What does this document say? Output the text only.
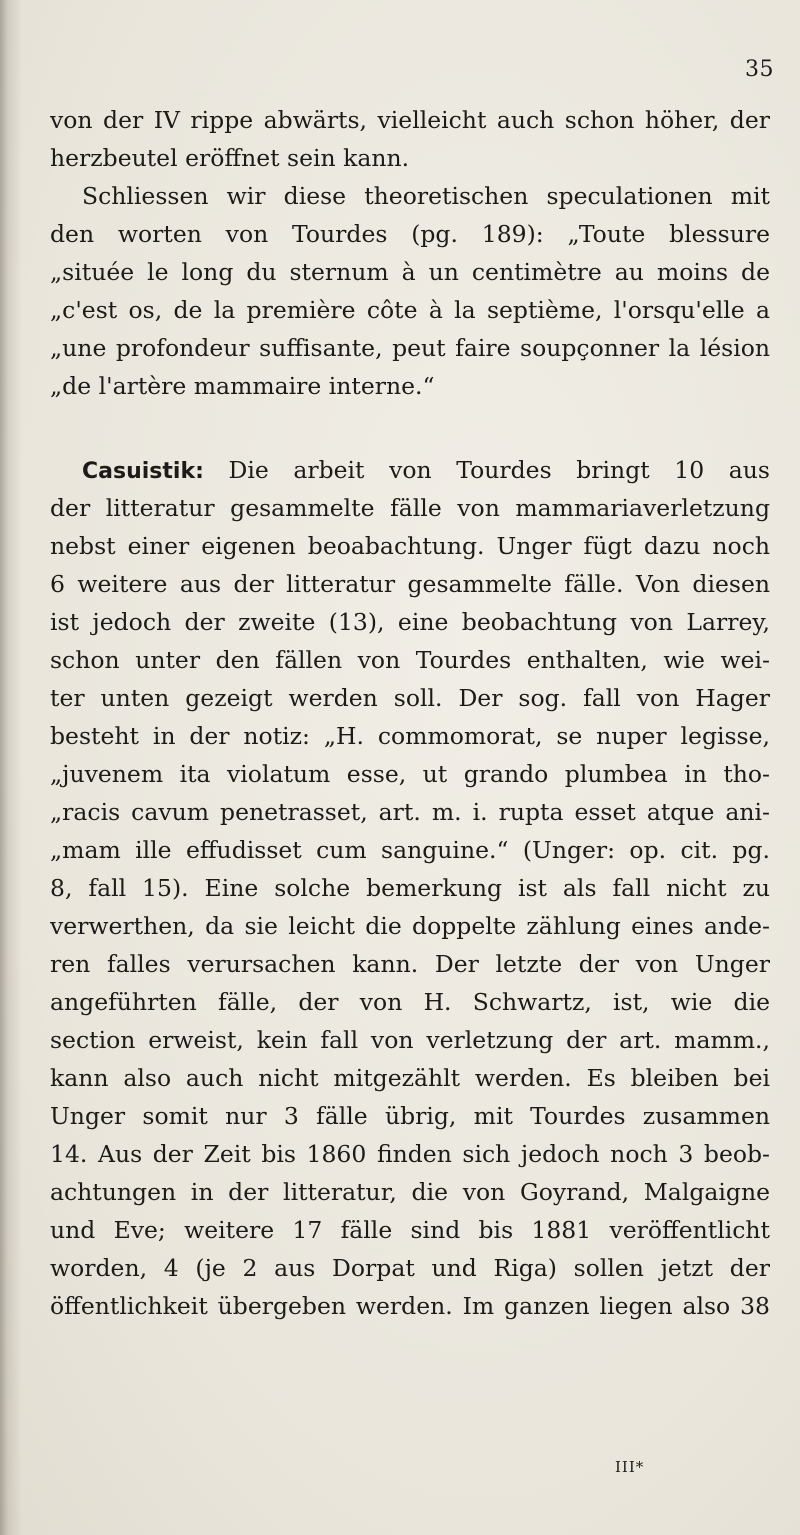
35
von der IV rippe abwärts, vielleicht auch schon höher, der
herzbeutel eröffnet sein kann.
Schliessen wir diese theoretischen speculationen mit
den worten von Tourdes (pg. 189): „Toute blessure
„située le long du sternum à un centimètre au moins de
„c'est os, de la première côte à la septième, l'orsqu'elle a
„une profondeur suffisante, peut faire soupçonner la lésion
„de l'artère mammaire interne.“
Casuistik: Die arbeit von Tourdes bringt 10 aus
der litteratur gesammelte fälle von mammariaverletzung
nebst einer eigenen beoabachtung. Unger fügt dazu noch
6 weitere aus der litteratur gesammelte fälle. Von diesen
ist jedoch der zweite (13), eine beobachtung von Larrey,
schon unter den fällen von Tourdes enthalten, wie wei-
ter unten gezeigt werden soll. Der sog. fall von Hager
besteht in der notiz: „H. commomorat, se nuper legisse,
„juvenem ita violatum esse, ut grando plumbea in tho-
„racis cavum penetrasset, art. m. i. rupta esset atque ani-
„mam ille effudisset cum sanguine.“ (Unger: op. cit. pg.
8, fall 15). Eine solche bemerkung ist als fall nicht zu
verwerthen, da sie leicht die doppelte zählung eines ande-
ren falles verursachen kann. Der letzte der von Unger
angeführten fälle, der von H. Schwartz, ist, wie die
section erweist, kein fall von verletzung der art. mamm.,
kann also auch nicht mitgezählt werden. Es bleiben bei
Unger somit nur 3 fälle übrig, mit Tourdes zusammen
14. Aus der Zeit bis 1860 finden sich jedoch noch 3 beob-
achtungen in der litteratur, die von Goyrand, Malgaigne
und Eve; weitere 17 fälle sind bis 1881 veröffentlicht
worden, 4 (je 2 aus Dorpat und Riga) sollen jetzt der
öffentlichkeit übergeben werden. Im ganzen liegen also 38
III*
